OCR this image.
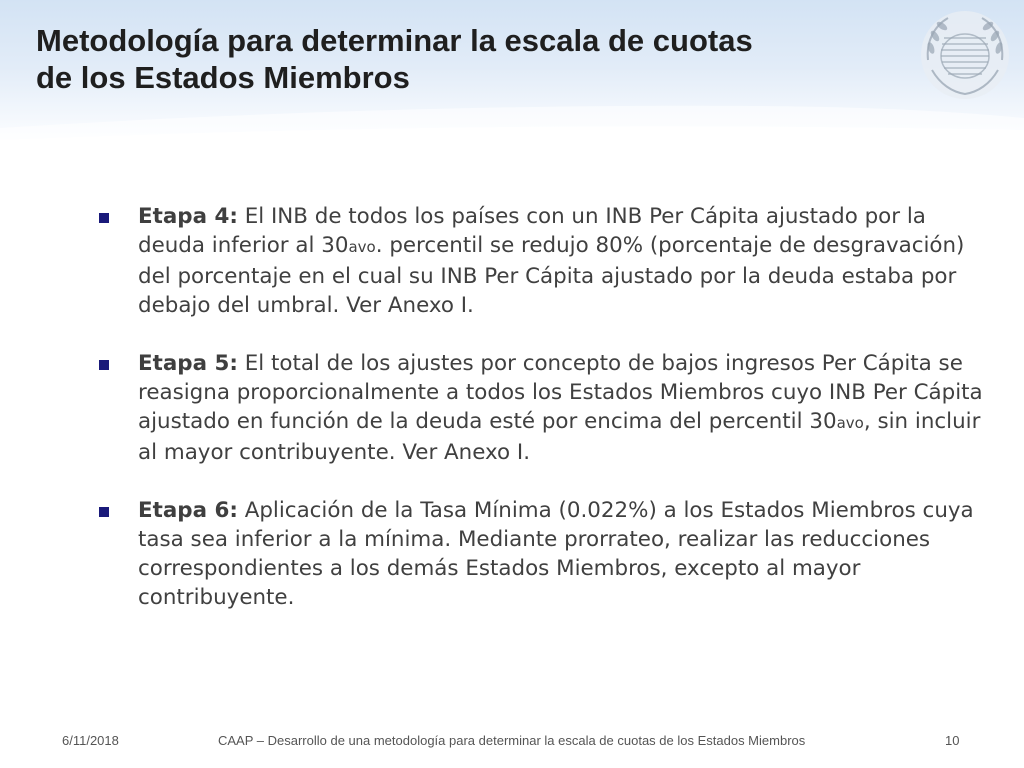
Metodología para determinar la escala de cuotas
de los Estados Miembros
Etapa 4: El INB de todos los países con un INB Per Cápita ajustado por la deuda inferior al 30avo. percentil se redujo 80% (porcentaje de desgravación) del porcentaje en el cual su INB Per Cápita ajustado por la deuda estaba por debajo del umbral. Ver Anexo I.
Etapa 5: El total de los ajustes por concepto de bajos ingresos Per Cápita se reasigna proporcionalmente a todos los Estados Miembros cuyo INB Per Cápita ajustado en función de la deuda esté por encima del percentil 30avo, sin incluir al mayor contribuyente. Ver Anexo I.
Etapa 6: Aplicación de la Tasa Mínima (0.022%) a los Estados Miembros cuya tasa sea inferior a la mínima. Mediante prorrateo, realizar las reducciones correspondientes a los demás Estados Miembros, excepto al mayor contribuyente.
6/11/2018	CAAP – Desarrollo de una metodología para determinar la escala de cuotas de los Estados Miembros	10
